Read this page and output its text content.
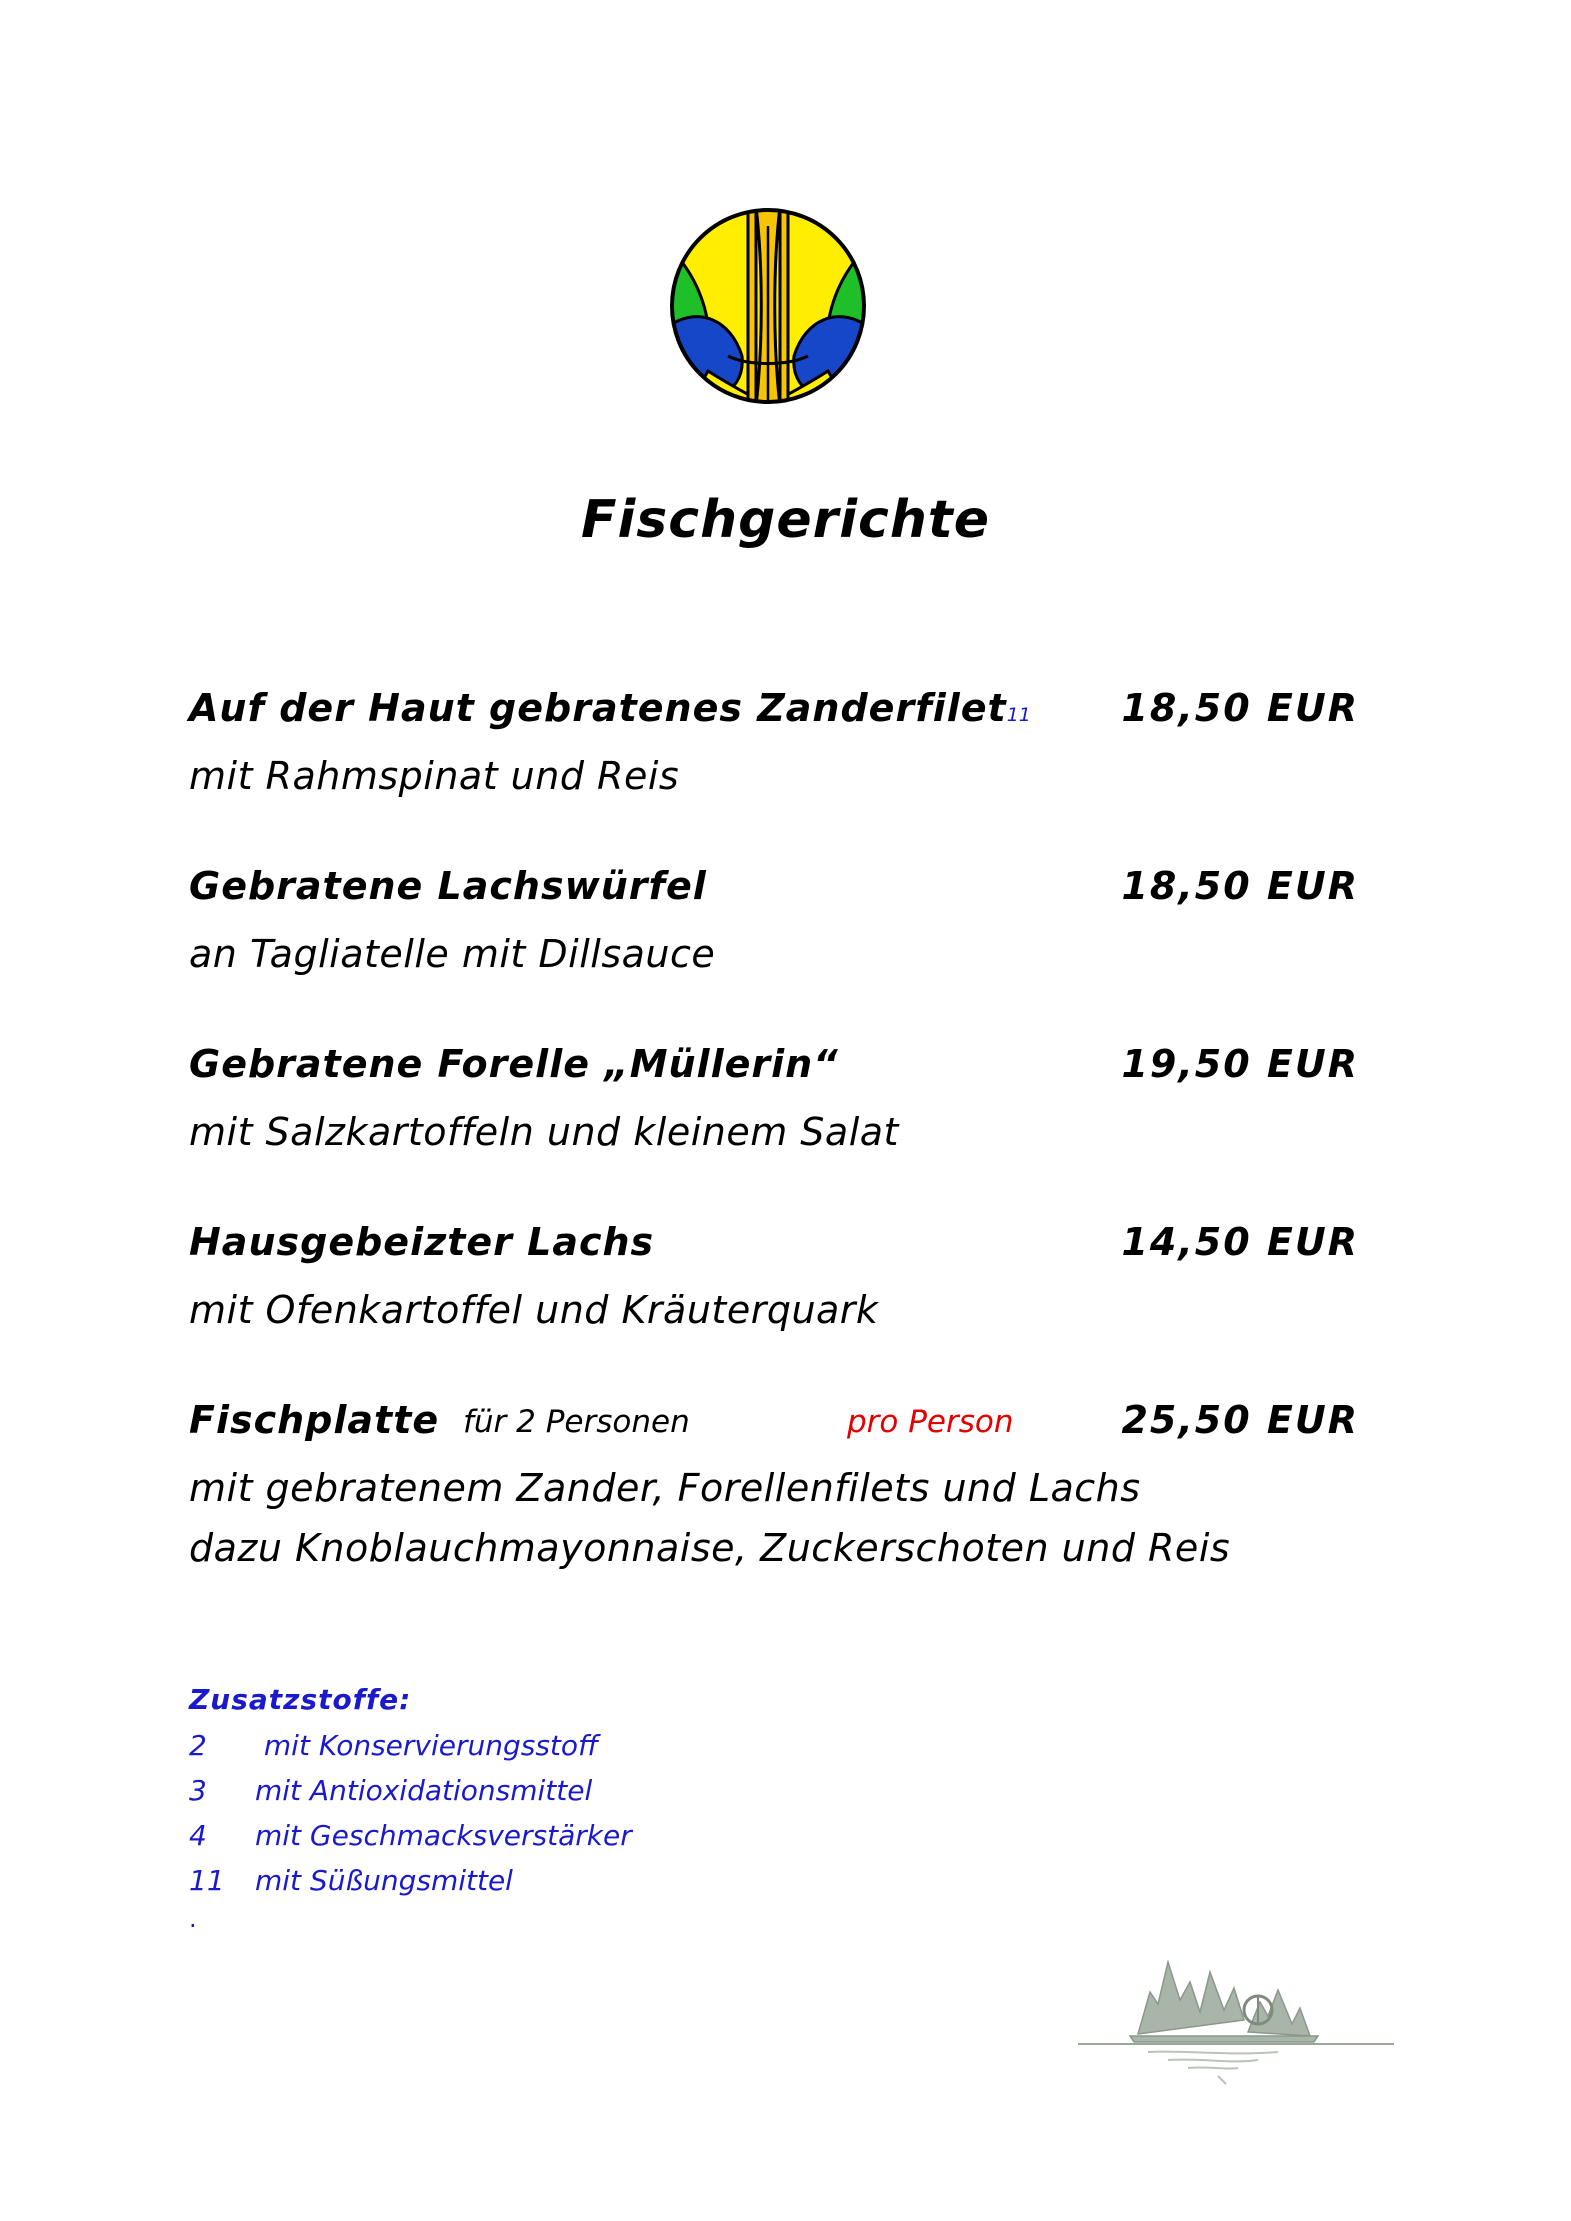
Fischgerichte
Auf der Haut gebratenes Zanderfilet11 18,50 EUR
mit Rahmspinat und Reis
Gebratene Lachswürfel	18,50 EUR
an Tagliatelle mit Dillsauce
Gebratene Forelle „Müllerin“	19,50 EUR
mit Salzkartoffeln und kleinem Salat
Hausgebeizter Lachs	14,50 EUR
mit Ofenkartoffel und Kräuterquark
Fischplatte für 2 Personen	pro Person	25,50 EUR
mit gebratenem Zander, Forellenfilets und Lachs
dazu Knoblauchmayonnaise, Zuckerschoten und Reis
Zusatzstoffe:
2 mit Konservierungsstoff
3 mit Antioxidationsmittel
4 mit Geschmacksverstärker
11 mit Süßungsmittel
.
